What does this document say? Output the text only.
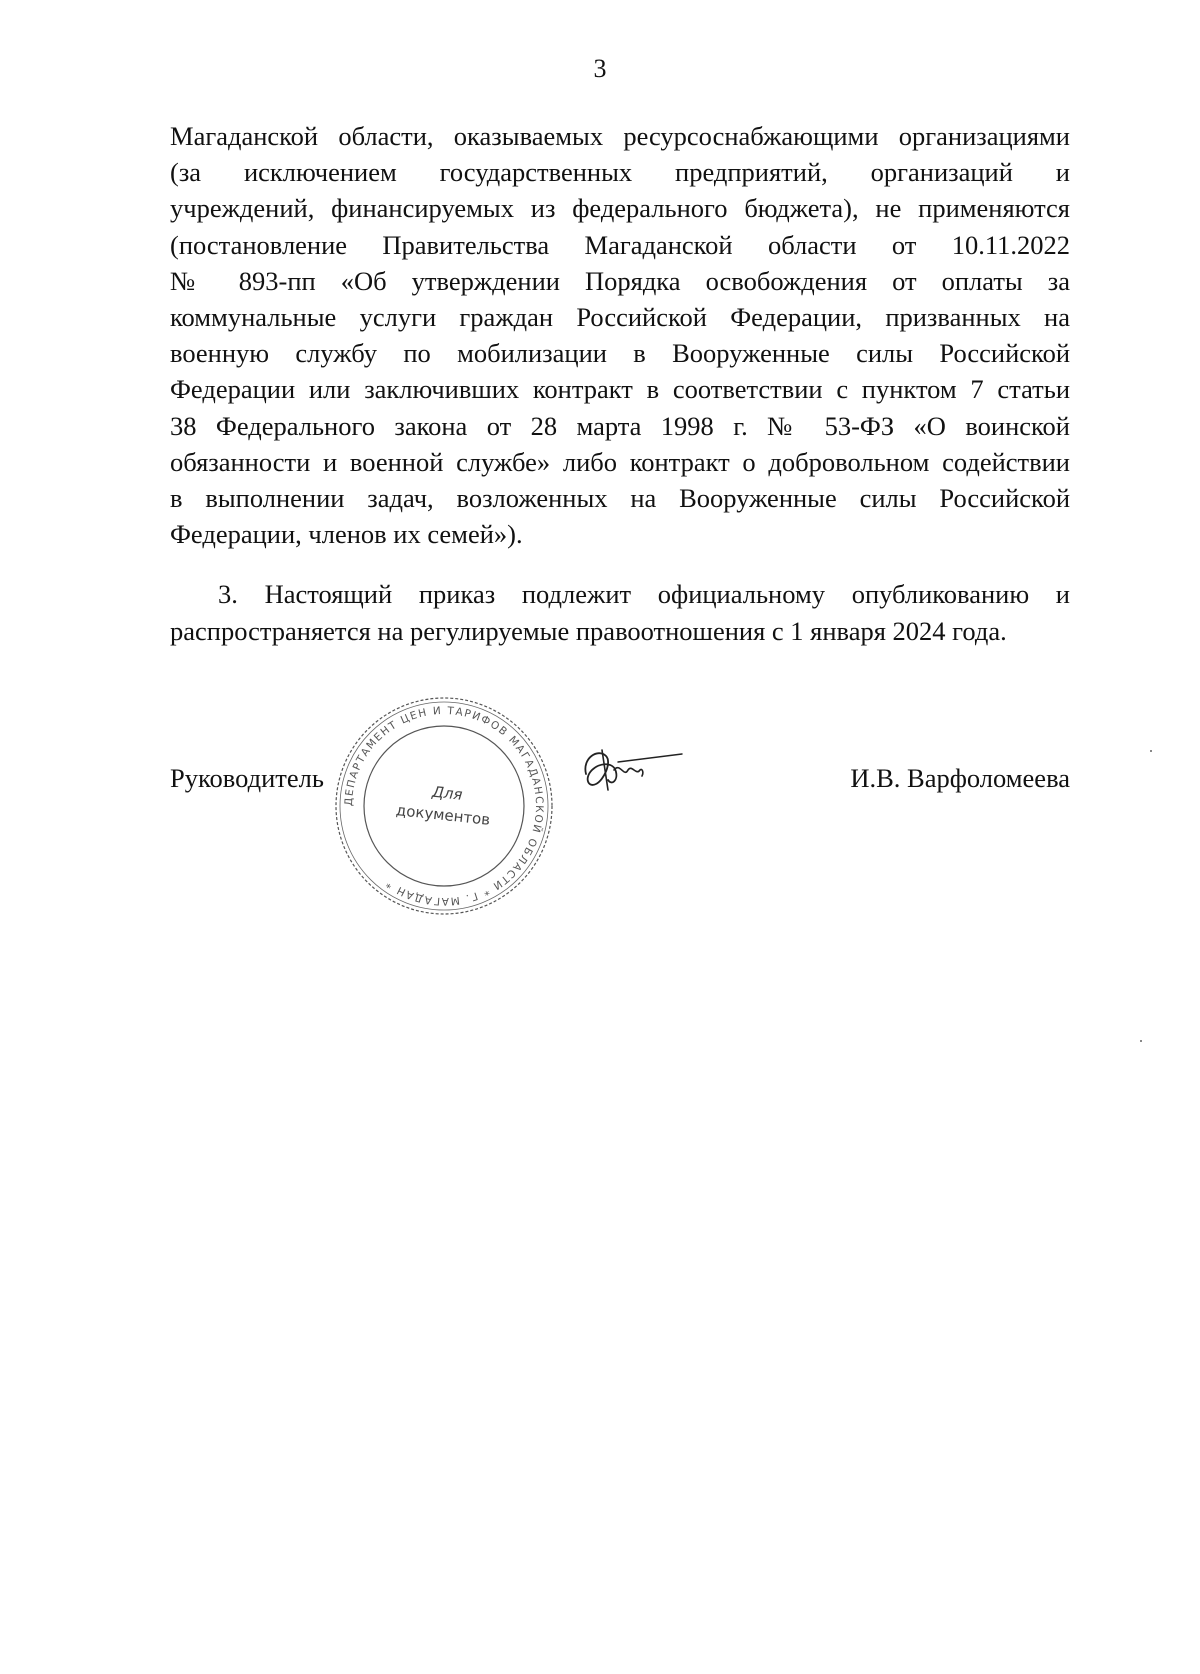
3

Магаданской области, оказываемых ресурсоснабжающими организациями
(за исключением государственных предприятий, организаций и
учреждений, финансируемых из федерального бюджета), не применяются
(постановление Правительства Магаданской области от 10.11.2022
№ 893-пп «Об утверждении Порядка освобождения от оплаты за
коммунальные услуги граждан Российской Федерации, призванных на
военную службу по мобилизации в Вооруженные силы Российской
Федерации или заключивших контракт в соответствии с пунктом 7 статьи
38 Федерального закона от 28 марта 1998 г. № 53-ФЗ «О воинской
обязанности и военной службе» либо контракт о добровольном содействии
в выполнении задач, возложенных на Вооруженные силы Российской
Федерации, членов их семей»).

3. Настоящий приказ подлежит официальному опубликованию и
распространяется на регулируемые правоотношения с 1 января 2024 года.

Руководитель	И.В. Варфоломеева
ДЕПАРТАМЕНТ ЦЕН И ТАРИФОВ МАГАДАНСКОЙ ОБЛАСТИ * Г. МАГАДАН *
Для
документов
